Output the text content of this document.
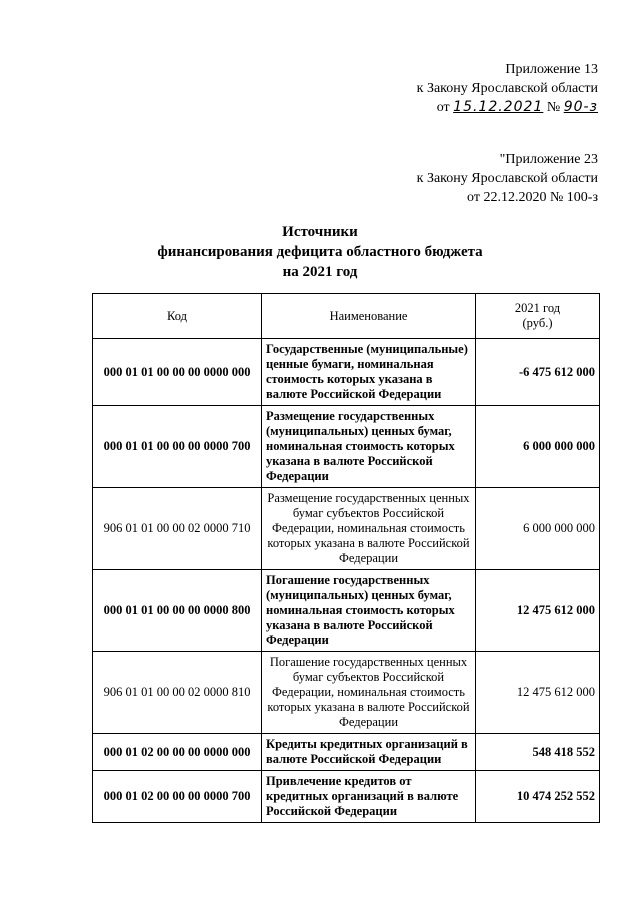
Приложение 13
к Закону Ярославской области
от 15.12.2021 № 90-з
"Приложение 23
к Закону Ярославской области
от 22.12.2020 № 100-з
Источники
финансирования дефицита областного бюджета
на 2021 год
Код	Наименование	2021 год
(руб.)

000 01 01 00 00 00 0000 000	Государственные (муниципальные) ценные бумаги, номинальная стоимость которых указана в валюте Российской Федерации	-6 475 612 000
000 01 01 00 00 00 0000 700	Размещение государственных (муниципальных) ценных бумаг, номинальная стоимость которых указана в валюте Российской Федерации	6 000 000 000
906 01 01 00 00 02 0000 710	Размещение государственных ценных бумаг субъектов Российской Федерации, номинальная стоимость которых указана в валюте Российской Федерации	6 000 000 000
000 01 01 00 00 00 0000 800	Погашение государственных (муниципальных) ценных бумаг, номинальная стоимость которых указана в валюте Российской Федерации	12 475 612 000
906 01 01 00 00 02 0000 810	Погашение государственных ценных бумаг субъектов Российской Федерации, номинальная стоимость которых указана в валюте Российской Федерации	12 475 612 000
000 01 02 00 00 00 0000 000	Кредиты кредитных организаций в валюте Российской Федерации	548 418 552
000 01 02 00 00 00 0000 700	Привлечение кредитов от кредитных организаций в валюте Российской Федерации	10 474 252 552
